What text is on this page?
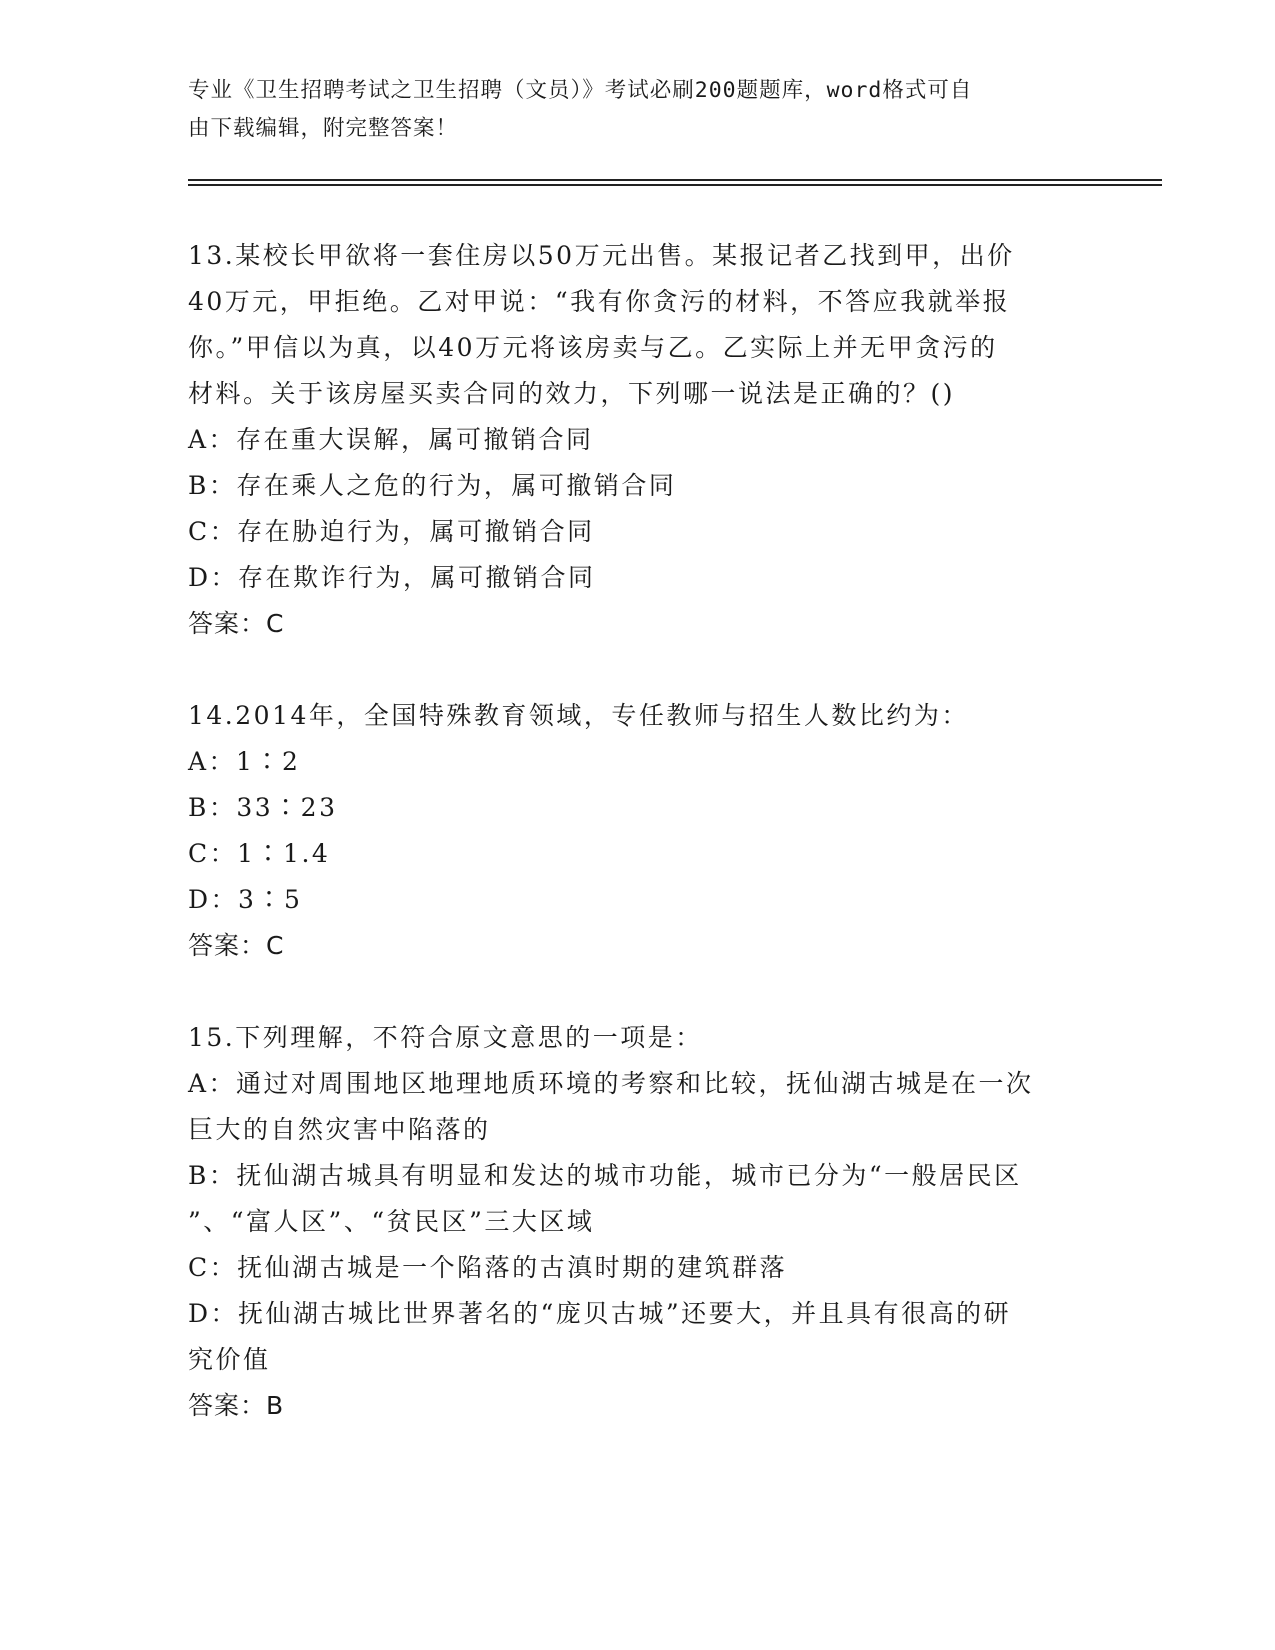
专业《卫生招聘考试之卫生招聘（文员）》考试必刷200题题库，word格式可自
由下载编辑，附完整答案！
13.某校长甲欲将一套住房以50万元出售。某报记者乙找到甲，出价
40万元，甲拒绝。乙对甲说：“我有你贪污的材料，不答应我就举报
你。”甲信以为真，以40万元将该房卖与乙。乙实际上并无甲贪污的
材料。关于该房屋买卖合同的效力，下列哪一说法是正确的？()
A：存在重大误解，属可撤销合同
B：存在乘人之危的行为，属可撤销合同
C：存在胁迫行为，属可撤销合同
D：存在欺诈行为，属可撤销合同
答案：C
14.2014年，全国特殊教育领域，专任教师与招生人数比约为：
A：1∶2
B：33∶23
C：1∶1.4
D：3∶5
答案：C
15.下列理解，不符合原文意思的一项是：
A：通过对周围地区地理地质环境的考察和比较，抚仙湖古城是在一次
巨大的自然灾害中陷落的
B：抚仙湖古城具有明显和发达的城市功能，城市已分为“一般居民区
”、“富人区”、“贫民区”三大区域
C：抚仙湖古城是一个陷落的古滇时期的建筑群落
D：抚仙湖古城比世界著名的“庞贝古城”还要大，并且具有很高的研
究价值
答案：B
